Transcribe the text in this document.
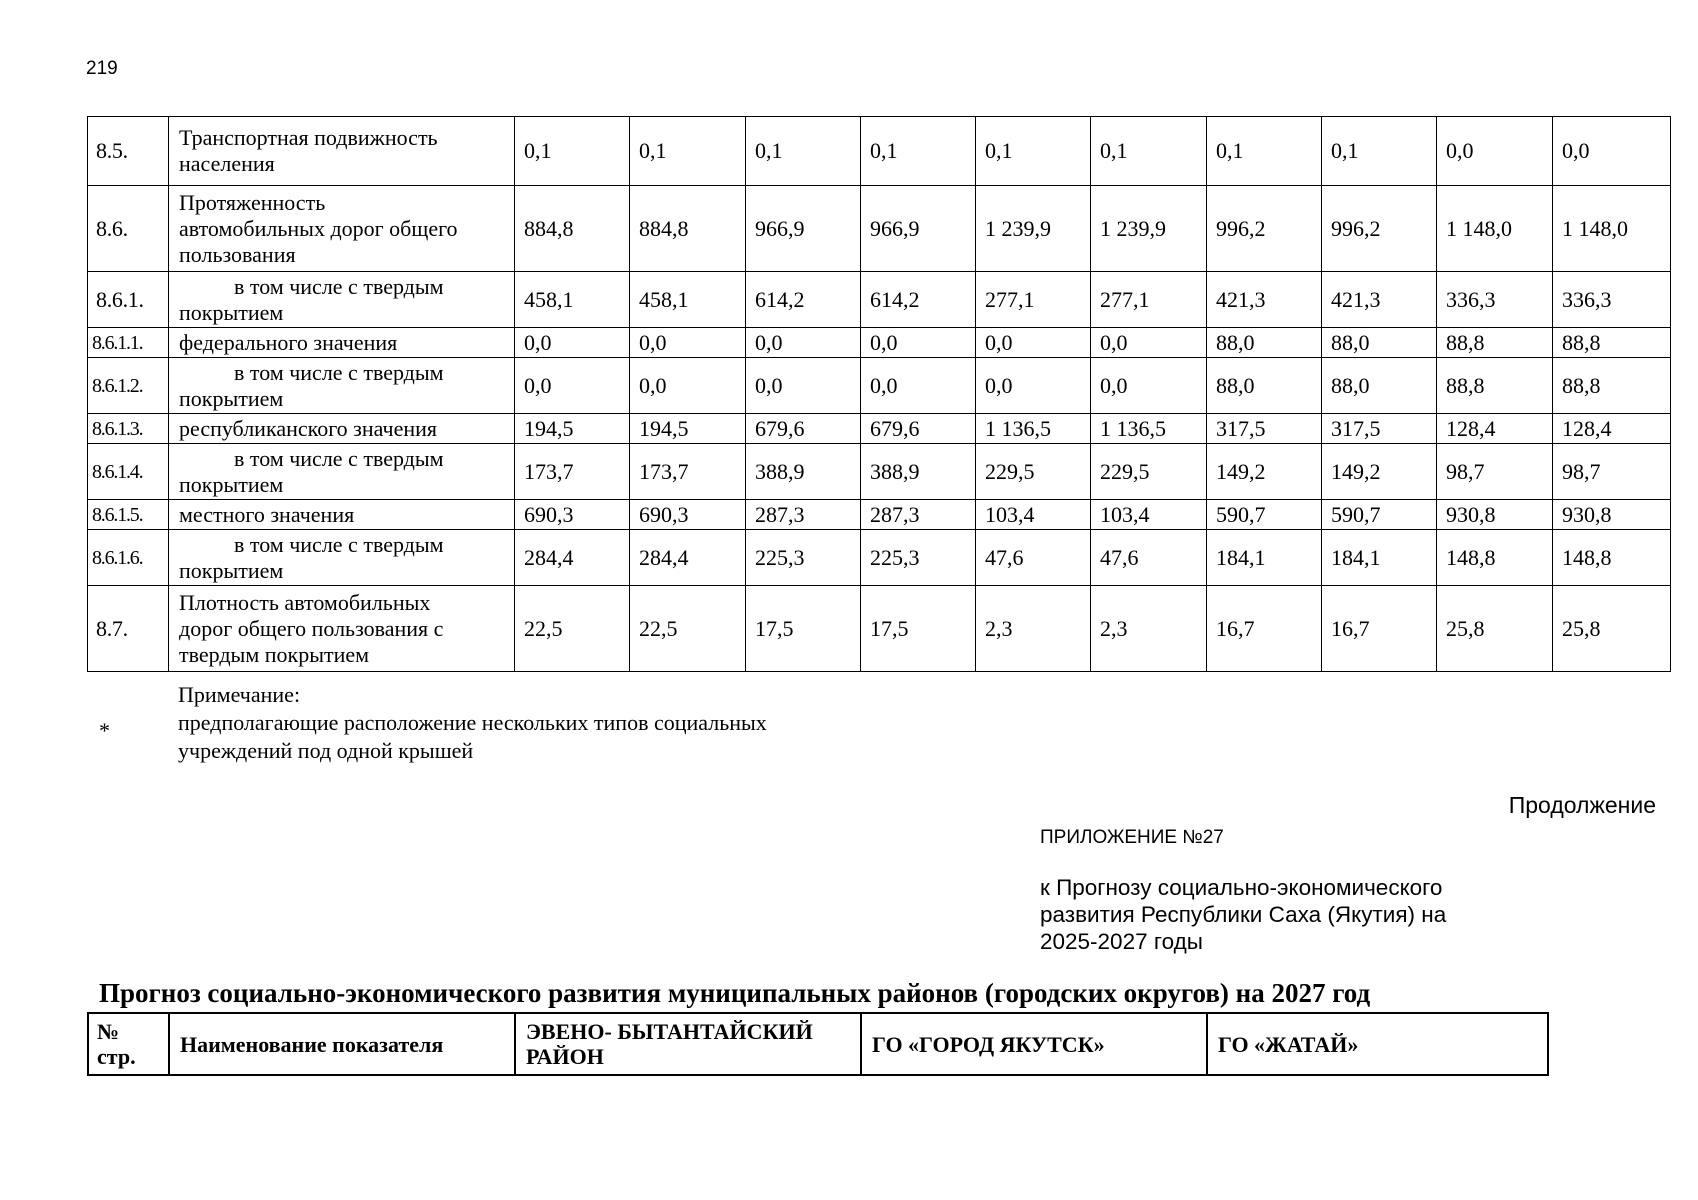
219
8.5.	Транспортная подвижность
населения	0,1	0,1	0,1	0,1	0,1	0,1	0,1	0,1	0,0	0,0
8.6.	Протяженность
автомобильных дорог общего
пользования	884,8	884,8	966,9	966,9	1 239,9	1 239,9	996,2	996,2	1 148,0	1 148,0
8.6.1.	в том числе с твердым
покрытием	458,1	458,1	614,2	614,2	277,1	277,1	421,3	421,3	336,3	336,3
8.6.1.1.	федерального значения	0,0	0,0	0,0	0,0	0,0	0,0	88,0	88,0	88,8	88,8
8.6.1.2.	в том числе с твердым
покрытием	0,0	0,0	0,0	0,0	0,0	0,0	88,0	88,0	88,8	88,8
8.6.1.3.	республиканского значения	194,5	194,5	679,6	679,6	1 136,5	1 136,5	317,5	317,5	128,4	128,4
8.6.1.4.	в том числе с твердым
покрытием	173,7	173,7	388,9	388,9	229,5	229,5	149,2	149,2	98,7	98,7
8.6.1.5.	местного значения	690,3	690,3	287,3	287,3	103,4	103,4	590,7	590,7	930,8	930,8
8.6.1.6.	в том числе с твердым
покрытием	284,4	284,4	225,3	225,3	47,6	47,6	184,1	184,1	148,8	148,8
8.7.	Плотность автомобильных
дорог общего пользования с
твердым покрытием	22,5	22,5	17,5	17,5	2,3	2,3	16,7	16,7	25,8	25,8
*
Примечание:
предполагающие расположение нескольких типов социальных
учреждений под одной крышей
Продолжение
ПРИЛОЖЕНИЕ №27
к Прогнозу социально-экономического
развития Республики Саха (Якутия) на
2025-2027 годы
Прогноз социально-экономического развития муниципальных районов (городских округов) на 2027 год
№
стр.	Наименование показателя	ЭВЕНО- БЫТАНТАЙСКИЙ
РАЙОН	ГО «ГОРОД ЯКУТСК»	ГО «ЖАТАЙ»
